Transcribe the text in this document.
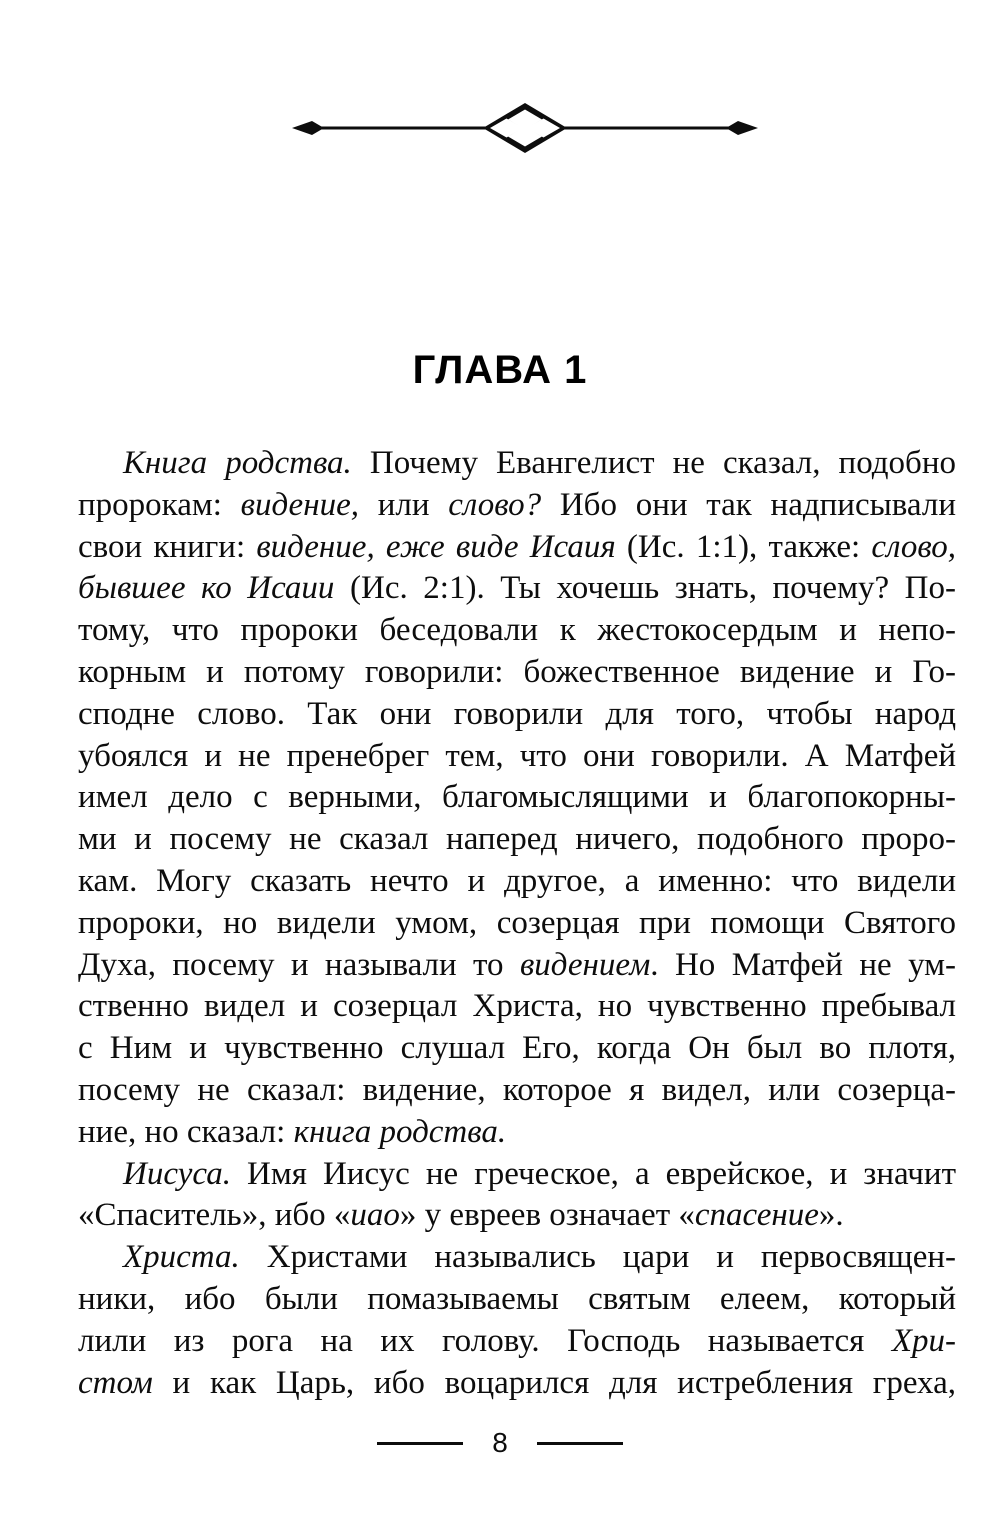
ГЛАВА 1
Книга родства. Почему Евангелист не сказал, подобно
пророкам: видение, или слово? Ибо они так надписывали
свои книги: видение, еже виде Исаия (Ис. 1:1), также: слово,
бывшее ко Исаии (Ис. 2:1). Ты хочешь знать, почему? По-
тому, что пророки беседовали к жестокосердым и непо-
корным и потому говорили: божественное видение и Го-
сподне слово. Так они говорили для того, чтобы народ
убоялся и не пренебрег тем, что они говорили. А Матфей
имел дело с верными, благомыслящими и благопокорны-
ми и посему не сказал наперед ничего, подобного проро-
кам. Могу сказать нечто и другое, а именно: что видели
пророки, но видели умом, созерцая при помощи Святого
Духа, посему и называли то видением. Но Матфей не ум-
ственно видел и созерцал Христа, но чувственно пребывал
с Ним и чувственно слушал Его, когда Он был во плотя,
посему не сказал: видение, которое я видел, или созерца-
ние, но сказал: книга родства.
Иисуса. Имя Иисус не греческое, а еврейское, и значит
«Спаситель», ибо «иао» у евреев означает «спасение».
Христа. Христами назывались цари и первосвящен-
ники, ибо были помазываемы святым елеем, который
лили из рога на их голову. Господь называется Хри-
стом и как Царь, ибо воцарился для истребления греха,
8
